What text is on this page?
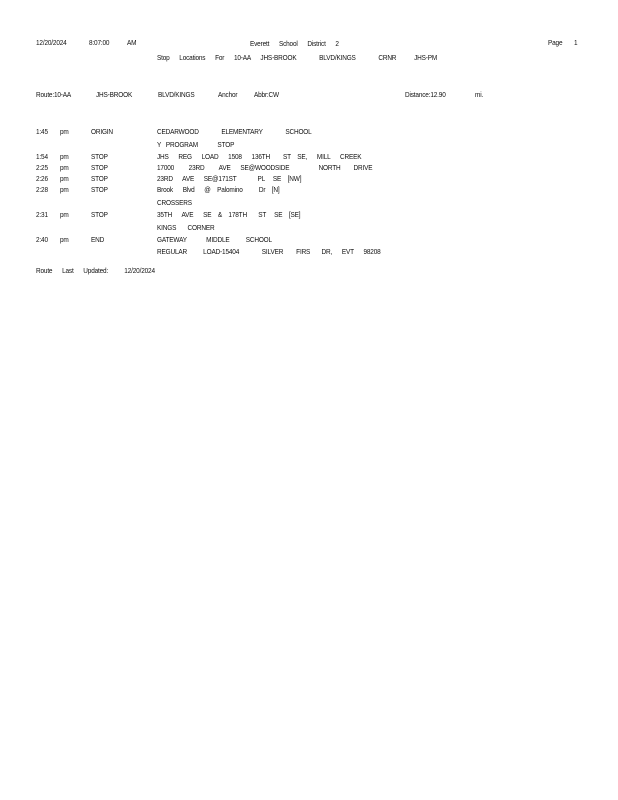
12/20/2024	8:07:00 AM	Everett      School      District      2	Page 1
Stop      Locations      For      10-AA      JHS-BROOK              BLVD/KINGS              CRNR           JHS-PM
Route:10-AA	JHS-BROOK	BLVD/KINGS	Anchor Abbr:CW	Distance:12.90	mi.
1:45 pm	ORIGIN	CEDARWOOD              ELEMENTARY              SCHOOL
Y   PROGRAM            STOP
1:54 pm	STOP	JHS      REG      LOAD      1508      136TH        ST    SE,      MILL      CREEK
2:25 pm	STOP	17000         23RD         AVE      SE@WOODSIDE                  NORTH        DRIVE
2:26 pm	STOP	23RD      AVE      SE@171ST             PL     SE    [NW]
2:28 pm	STOP	Brook      Blvd      @    Palomino          Dr    [N]
CROSSERS
2:31 pm	STOP	35TH      AVE      SE    &    178TH       ST     SE    [SE]
KINGS       CORNER
2:40 pm	END	GATEWAY            MIDDLE          SCHOOL
REGULAR          LOAD-15404              SILVER        FIRS       DR,      EVT      98208
Route      Last      Updated:          12/20/2024
